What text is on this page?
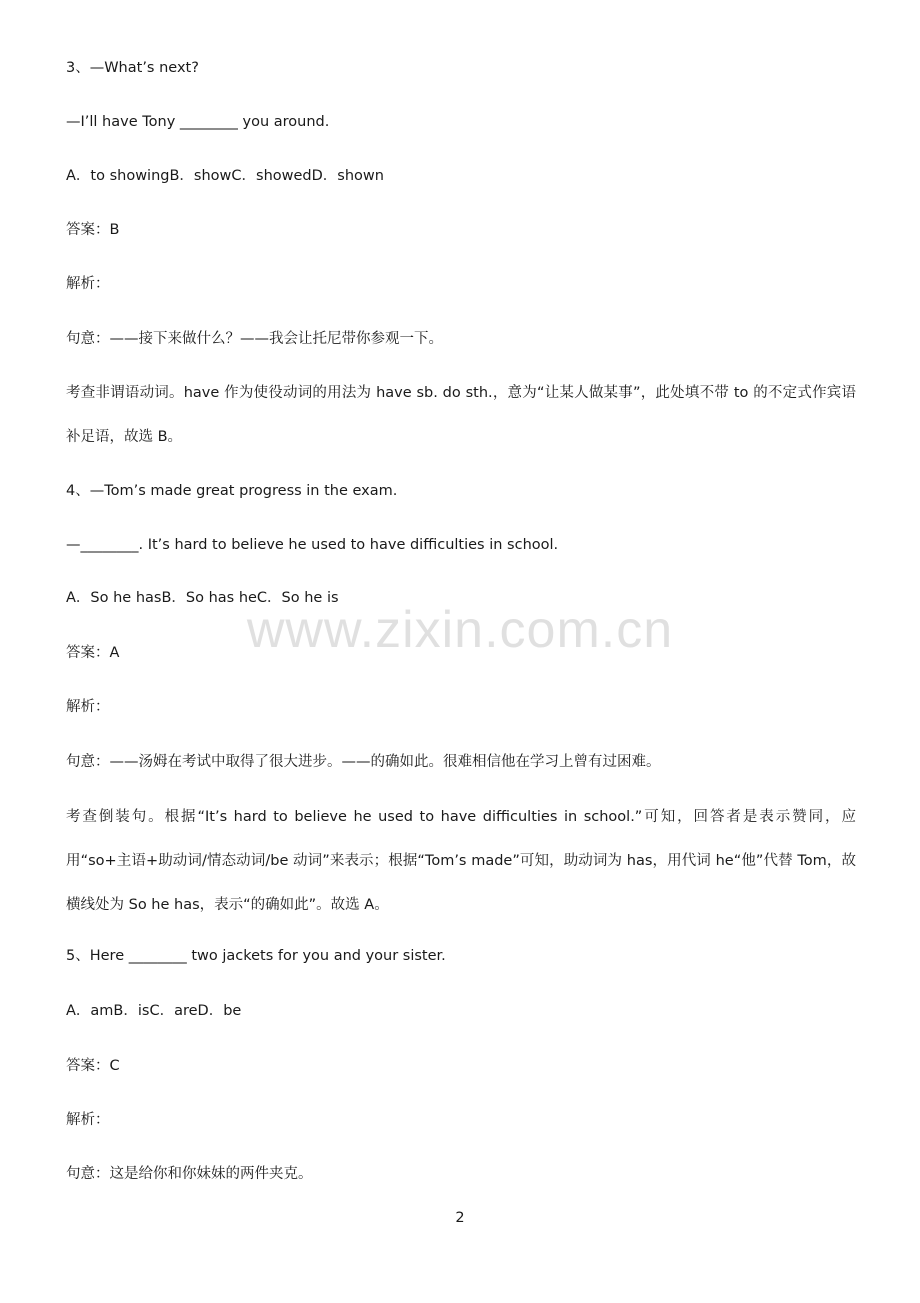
www.zixin.com.cn
3、—What’s next?
—I’ll have Tony ________ you around.
A．to showingB．showC．showedD．shown
答案：B
解析：
句意：——接下来做什么？——我会让托尼带你参观一下。
考查非谓语动词。have 作为使役动词的用法为 have sb. do sth.，意为“让某人做某事”，此处填不带 to 的不定式作宾语补足语，故选 B。
4、—Tom’s made great progress in the exam.
—________. It’s hard to believe he used to have difficulties in school.
A．So he hasB．So has heC．So he is
答案：A
解析：
句意：——汤姆在考试中取得了很大进步。——的确如此。很难相信他在学习上曾有过困难。
考查倒装句。根据“It’s hard to believe he used to have difficulties in school.”可知，回答者是表示赞同，应用“so+主语+助动词/情态动词/be 动词”来表示；根据“Tom’s made”可知，助动词为 has，用代词 he“他”代替 Tom，故横线处为 So he has，表示“的确如此”。故选 A。
5、Here ________ two jackets for you and your sister.
A．amB．isC．areD．be
答案：C
解析：
句意：这是给你和你妹妹的两件夹克。
2
